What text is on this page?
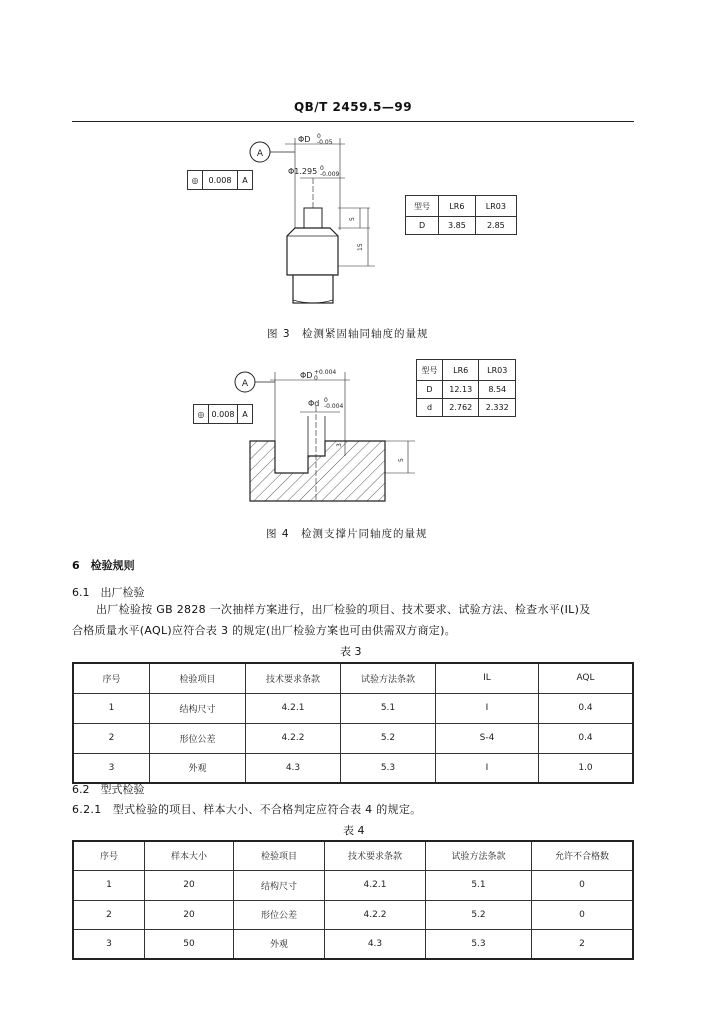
QB/T 2459.5—99
A
ΦD 0
-0.05
Φ1.295 0
-0.009
5
15
◎	0.008	A
型号	LR6	LR03
D	3.85	2.85
图 3　检测紧固轴同轴度的量规
A
ΦD +0.004
0
Φd 0
-0.004
3
5
◎	0.008	A
型号	LR6	LR03
D	12.13	8.54
d	2.762	2.332
图 4　检测支撑片同轴度的量规
6　检验规则
6.1　出厂检验
出厂检验按 GB 2828 一次抽样方案进行，出厂检验的项目、技术要求、试验方法、检查水平(IL)及
合格质量水平(AQL)应符合表 3 的规定(出厂检验方案也可由供需双方商定)。
表 3
序号	检验项目	技术要求条款	试验方法条款	IL	AQL
1	结构尺寸	4.2.1	5.1	I	0.4
2	形位公差	4.2.2	5.2	S-4	0.4
3	外观	4.3	5.3	I	1.0
6.2　型式检验
6.2.1　型式检验的项目、样本大小、不合格判定应符合表 4 的规定。
表 4
序号	样本大小	检验项目	技术要求条款	试验方法条款	允许不合格数
1	20	结构尺寸	4.2.1	5.1	0
2	20	形位公差	4.2.2	5.2	0
3	50	外观	4.3	5.3	2
